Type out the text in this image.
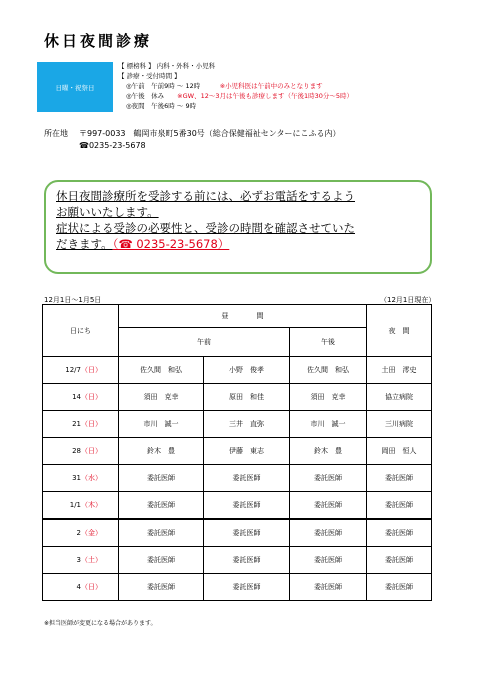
休日夜間診療
日曜・祝祭日
【 標榜科 】 内科・外科・小児科
【 診療・受付時間 】
◎午前　 午前9時 ～ 12時　　　	※小児科医は午前中のみとなります
◎午後　 休み　　 ※GW、12～3月は午後も診療します（午後1時30分～5時）
◎夜間　 午後6時 ～ 9時
所在地 〒997-0033　鶴岡市泉町5番30号（総合保健福祉センターにこふる内）
☎0235-23-5678
休日夜間診療所を受診する前には、必ずお電話をするよう
お願いいたします。
症状による受診の必要性と、受診の時間を確認させていた
だきます。（☎ 0235-23-5678）
12月1日～1月5日	（12月1日現在）
日にち	昼　　　　間			夜　間
	午前		午後	
12/7（日）	佐久間　和弘	小野　俊孝	佐久間　和弘	土田　澪史
14（日）	須田　克幸	原田　和佳	須田　克幸	協立病院
21（日）	市川　誠一	三井　直弥	市川　誠一	三川病院
28（日）	鈴木　豊	伊藤　東志	鈴木　豊	岡田　恒人
31（水）	委託医師	委託医師	委託医師	委託医師
1/1（木）	委託医師	委託医師	委託医師	委託医師
2（金）	委託医師	委託医師	委託医師	委託医師
3（土）	委託医師	委託医師	委託医師	委託医師
4（日）	委託医師	委託医師	委託医師	委託医師
※担当医師が変更になる場合があります。
